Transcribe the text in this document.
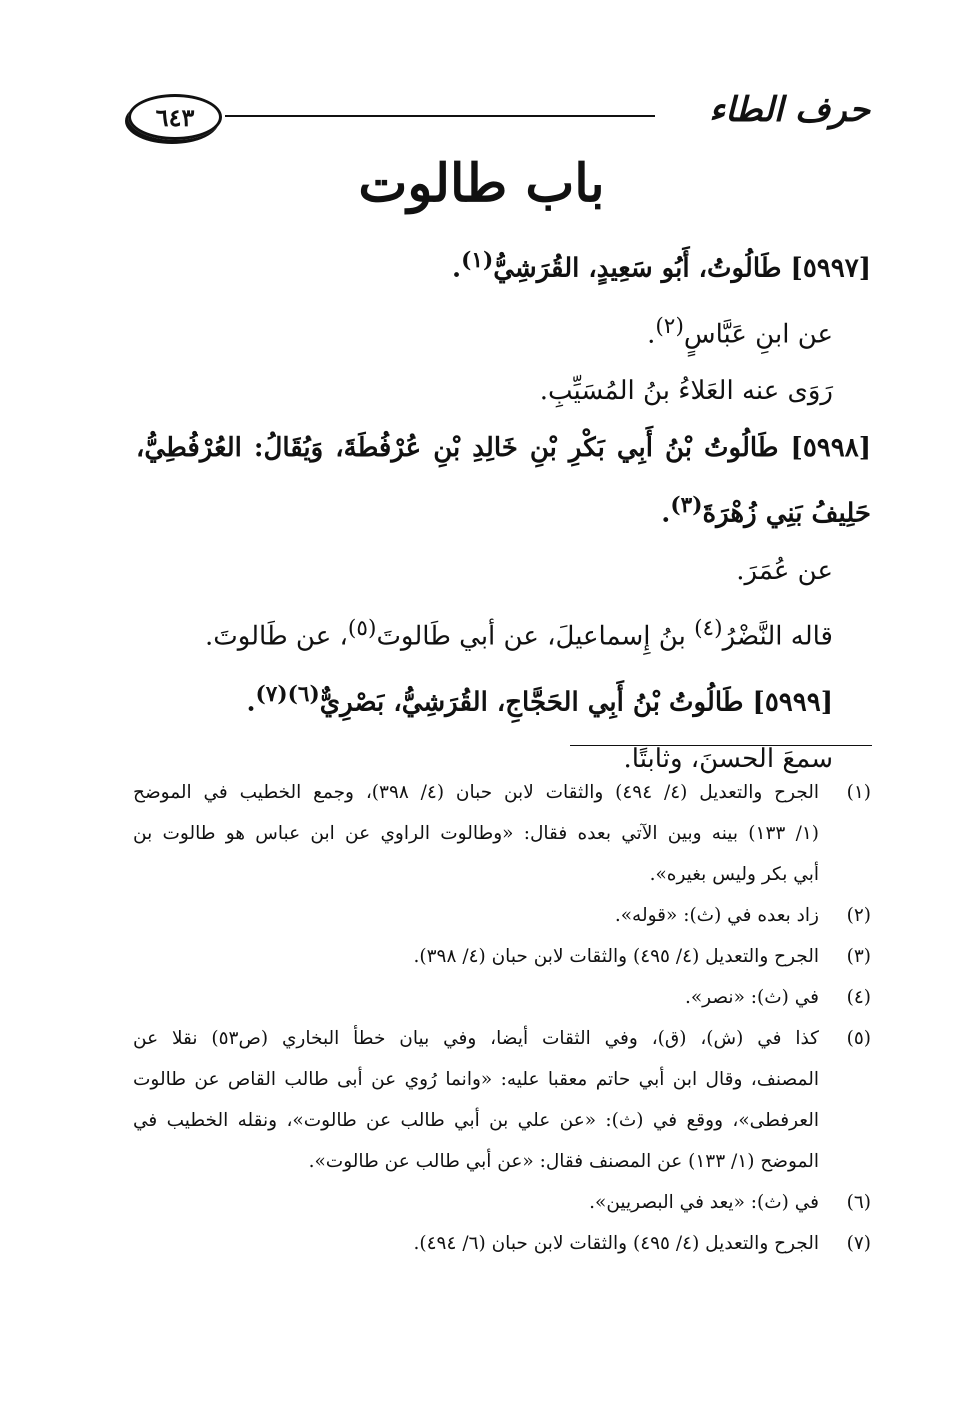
حرف الطاء
٦٤٣
باب طالوت
[٥٩٩٧] طَالُوتُ، أَبُو سَعِيدٍ، القُرَشِيُّ$^{(١)}$.
عن ابنِ عَبَّاسٍ$^{(٢)}$.
رَوَى عنه العَلاءُ بنُ المُسَيِّبِ.
[٥٩٩٨] طَالُوتُ بْنُ أَبِي بَكْرِ بْنِ خَالِدِ بْنِ عُرْفُطَةَ، وَيُقَالُ: العُرْفُطِيُّ،
حَلِيفُ بَنِي زُهْرَةَ$^{(٣)}$.
عن عُمَرَ.
قاله النَّضْرُ$^{(٤)}$ بنُ إِسماعيلَ، عن أبي طَالوتَ$^{(٥)}$، عن طَالوتَ.
[٥٩٩٩] طَالُوتُ بْنُ أَبِي الحَجَّاجِ، القُرَشِيُّ، بَصْرِيٌّ$^{(٦)(٧)}$.
سمعَ الحسنَ، وثابتًا.
(١)
الجرح والتعديل (٤/ ٤٩٤) والثقات لابن حبان (٤/ ٣٩٨)، وجمع الخطيب في الموضح
(١/ ١٣٣) بينه وبين الآتي بعده فقال: «وطالوت الراوي عن ابن عباس هو طالوت بن
أبي بكر وليس بغيره».
(٢)
زاد بعده في (ث): «قوله».
(٣)
الجرح والتعديل (٤/ ٤٩٥) والثقات لابن حبان (٤/ ٣٩٨).
(٤)
في (ث): «نصر».
(٥)
كذا في (ش)، (ق)، وفي الثقات أيضا، وفي بيان خطأ البخاري (ص٥٣) نقلا عن
المصنف، وقال ابن أبي حاتم معقبا عليه: «وانما رُوي عن أبى طالب القاص عن طالوت
العرفطى»، ووقع في (ث): «عن علي بن أبي طالب عن طالوت»، ونقله الخطيب في
الموضح (١/ ١٣٣) عن المصنف فقال: «عن أبي طالب عن طالوت».
(٦)
في (ث): «يعد في البصريين».
(٧)
الجرح والتعديل (٤/ ٤٩٥) والثقات لابن حبان (٦/ ٤٩٤).
